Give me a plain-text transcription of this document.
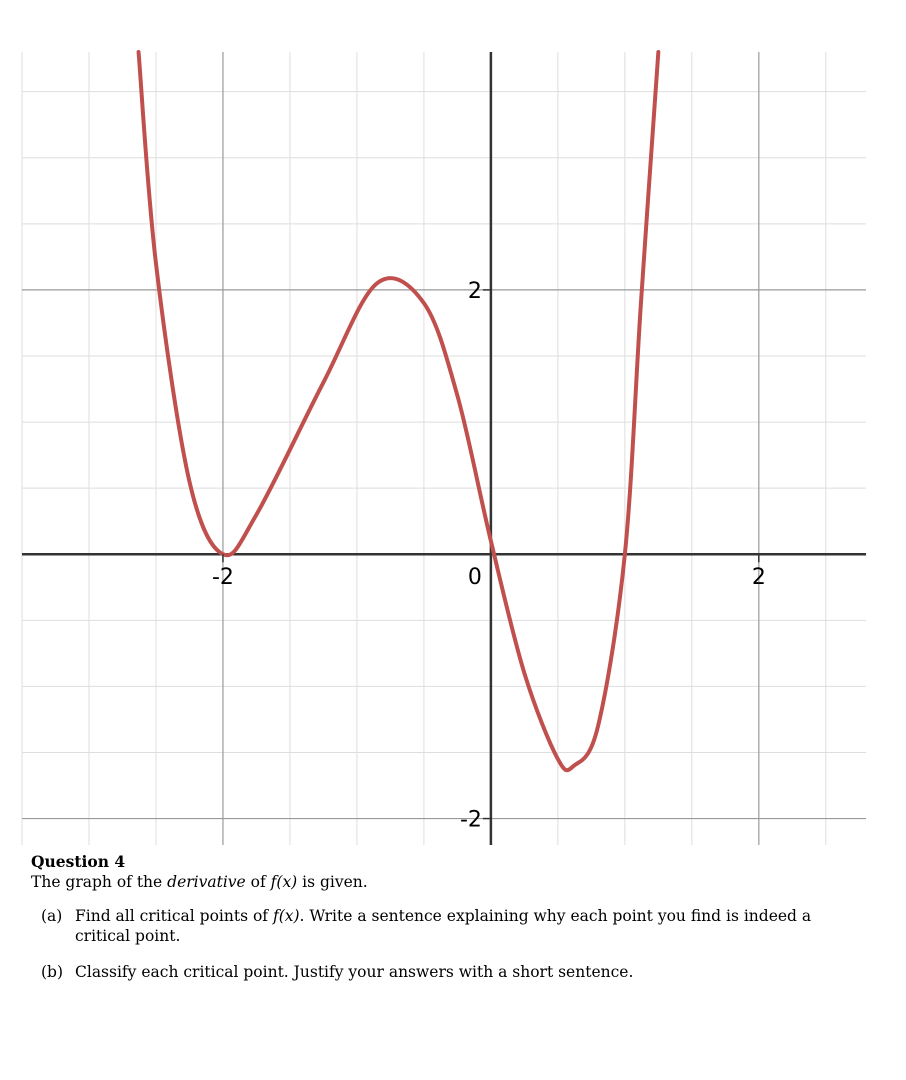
-2	0	2
2
-2
Question 4
The graph of the derivative of f(x) is given.
(a) Find all critical points of f(x). Write a sentence explaining why each point you find is indeed a critical point.
(b) Classify each critical point. Justify your answers with a short sentence.
